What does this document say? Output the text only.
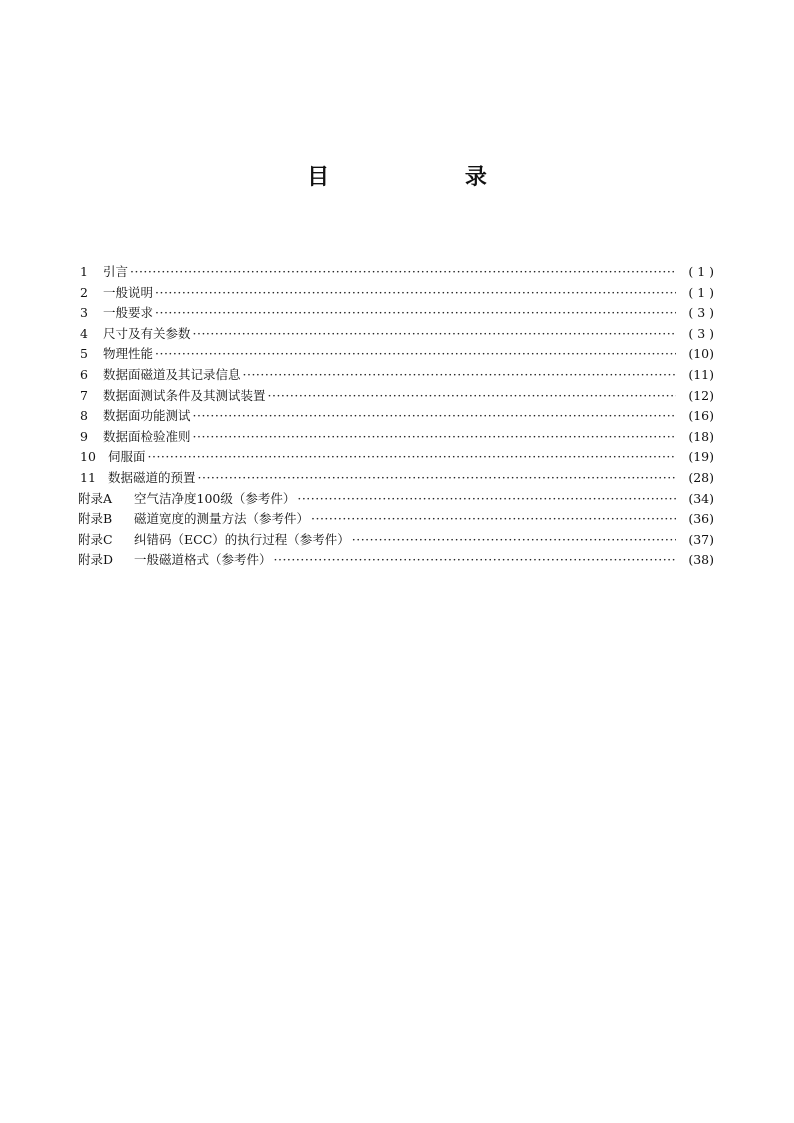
目 录
1	引言 ·····	( 1 )
2	一般说明 ·····	( 1 )
3	一般要求 ·····	( 3 )
4	尺寸及有关参数 ·····	( 3 )
5	物理性能 ·····	(10)
6	数据面磁道及其记录信息 ·····	(11)
7	数据面测试条件及其测试装置 ·····	(12)
8	数据面功能测试 ·····	(16)
9	数据面检验准则 ·····	(18)
10 伺服面 ·····	(19)
11 数据磁道的预置 ·····	(28)
附录A	空气洁净度100级（参考件） ·····	(34)
附录B	磁道宽度的测量方法（参考件） ·····	(36)
附录C	纠错码（ECC）的执行过程（参考件） ·····	(37)
附录D	一般磁道格式（参考件） ·····	(38)
